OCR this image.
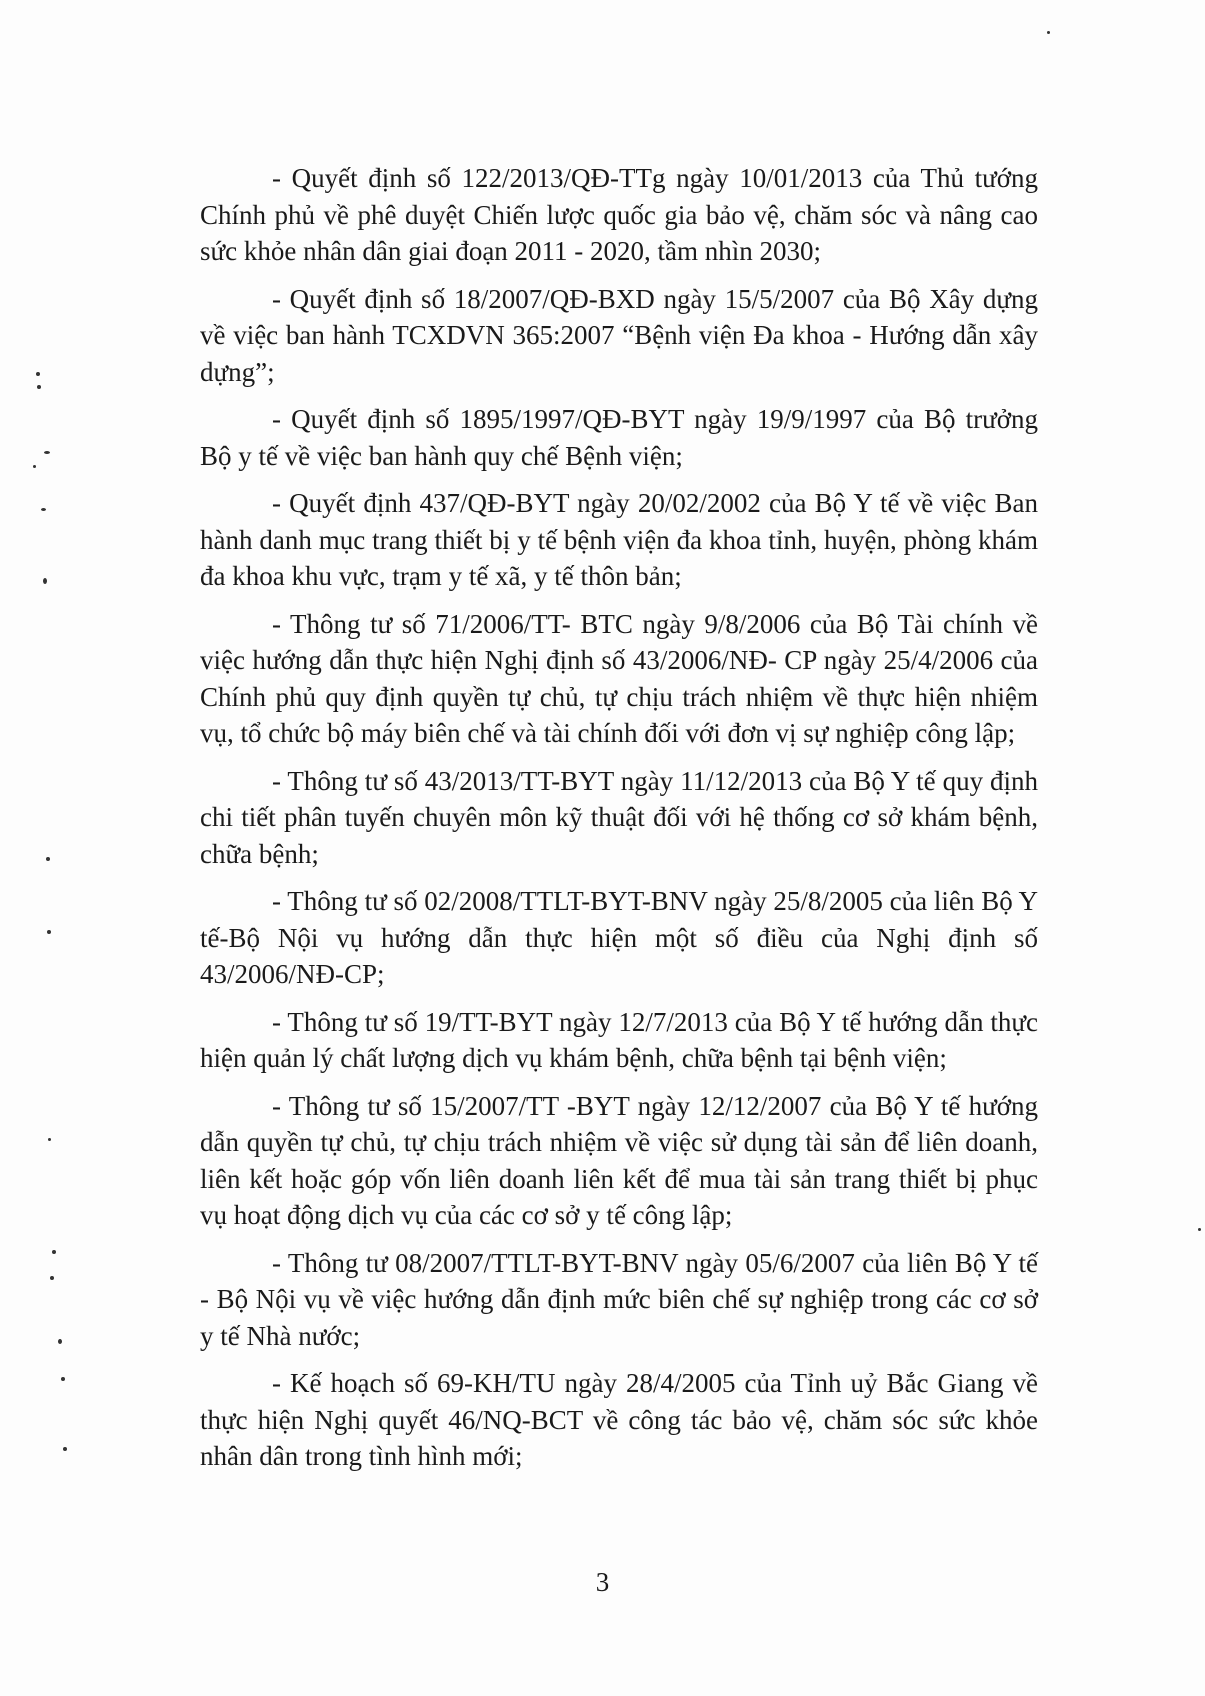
- Quyết định số 122/2013/QĐ-TTg ngày 10/01/2013 của Thủ tướng Chính phủ về phê duyệt Chiến lược quốc gia bảo vệ, chăm sóc và nâng cao sức khỏe nhân dân giai đoạn 2011 - 2020, tầm nhìn 2030;

- Quyết định số 18/2007/QĐ-BXD ngày 15/5/2007 của Bộ Xây dựng về việc ban hành TCXDVN 365:2007 “Bệnh viện Đa khoa - Hướng dẫn xây dựng”;

- Quyết định số 1895/1997/QĐ-BYT ngày 19/9/1997 của Bộ trưởng Bộ y tế về việc ban hành quy chế Bệnh viện;

- Quyết định 437/QĐ-BYT ngày 20/02/2002 của Bộ Y tế về việc Ban hành danh mục trang thiết bị y tế bệnh viện đa khoa tỉnh, huyện, phòng khám đa khoa khu vực, trạm y tế xã, y tế thôn bản;

- Thông tư số 71/2006/TT- BTC ngày 9/8/2006 của Bộ Tài chính về việc hướng dẫn thực hiện Nghị định số 43/2006/NĐ- CP ngày 25/4/2006 của Chính phủ quy định quyền tự chủ, tự chịu trách nhiệm về thực hiện nhiệm vụ, tổ chức bộ máy biên chế và tài chính đối với đơn vị sự nghiệp công lập;

- Thông tư số 43/2013/TT-BYT ngày 11/12/2013 của Bộ Y tế quy định chi tiết phân tuyến chuyên môn kỹ thuật đối với hệ thống cơ sở khám bệnh, chữa bệnh;

- Thông tư số 02/2008/TTLT-BYT-BNV ngày 25/8/2005 của liên Bộ Y tế-Bộ Nội vụ hướng dẫn thực hiện một số điều của Nghị định số 43/2006/NĐ-CP;

- Thông tư số 19/TT-BYT ngày 12/7/2013 của Bộ Y tế hướng dẫn thực hiện quản lý chất lượng dịch vụ khám bệnh, chữa bệnh tại bệnh viện;

- Thông tư số 15/2007/TT -BYT ngày 12/12/2007 của Bộ Y tế hướng dẫn quyền tự chủ, tự chịu trách nhiệm về việc sử dụng tài sản để liên doanh, liên kết hoặc góp vốn liên doanh liên kết để mua tài sản trang thiết bị phục vụ hoạt động dịch vụ của các cơ sở y tế công lập;

- Thông tư 08/2007/TTLT-BYT-BNV ngày 05/6/2007 của liên Bộ Y tế - Bộ Nội vụ về việc hướng dẫn định mức biên chế sự nghiệp trong các cơ sở y tế Nhà nước;

- Kế hoạch số 69-KH/TU ngày 28/4/2005 của Tỉnh uỷ Bắc Giang về thực hiện Nghị quyết 46/NQ-BCT về công tác bảo vệ, chăm sóc sức khỏe nhân dân trong tình hình mới;

3
